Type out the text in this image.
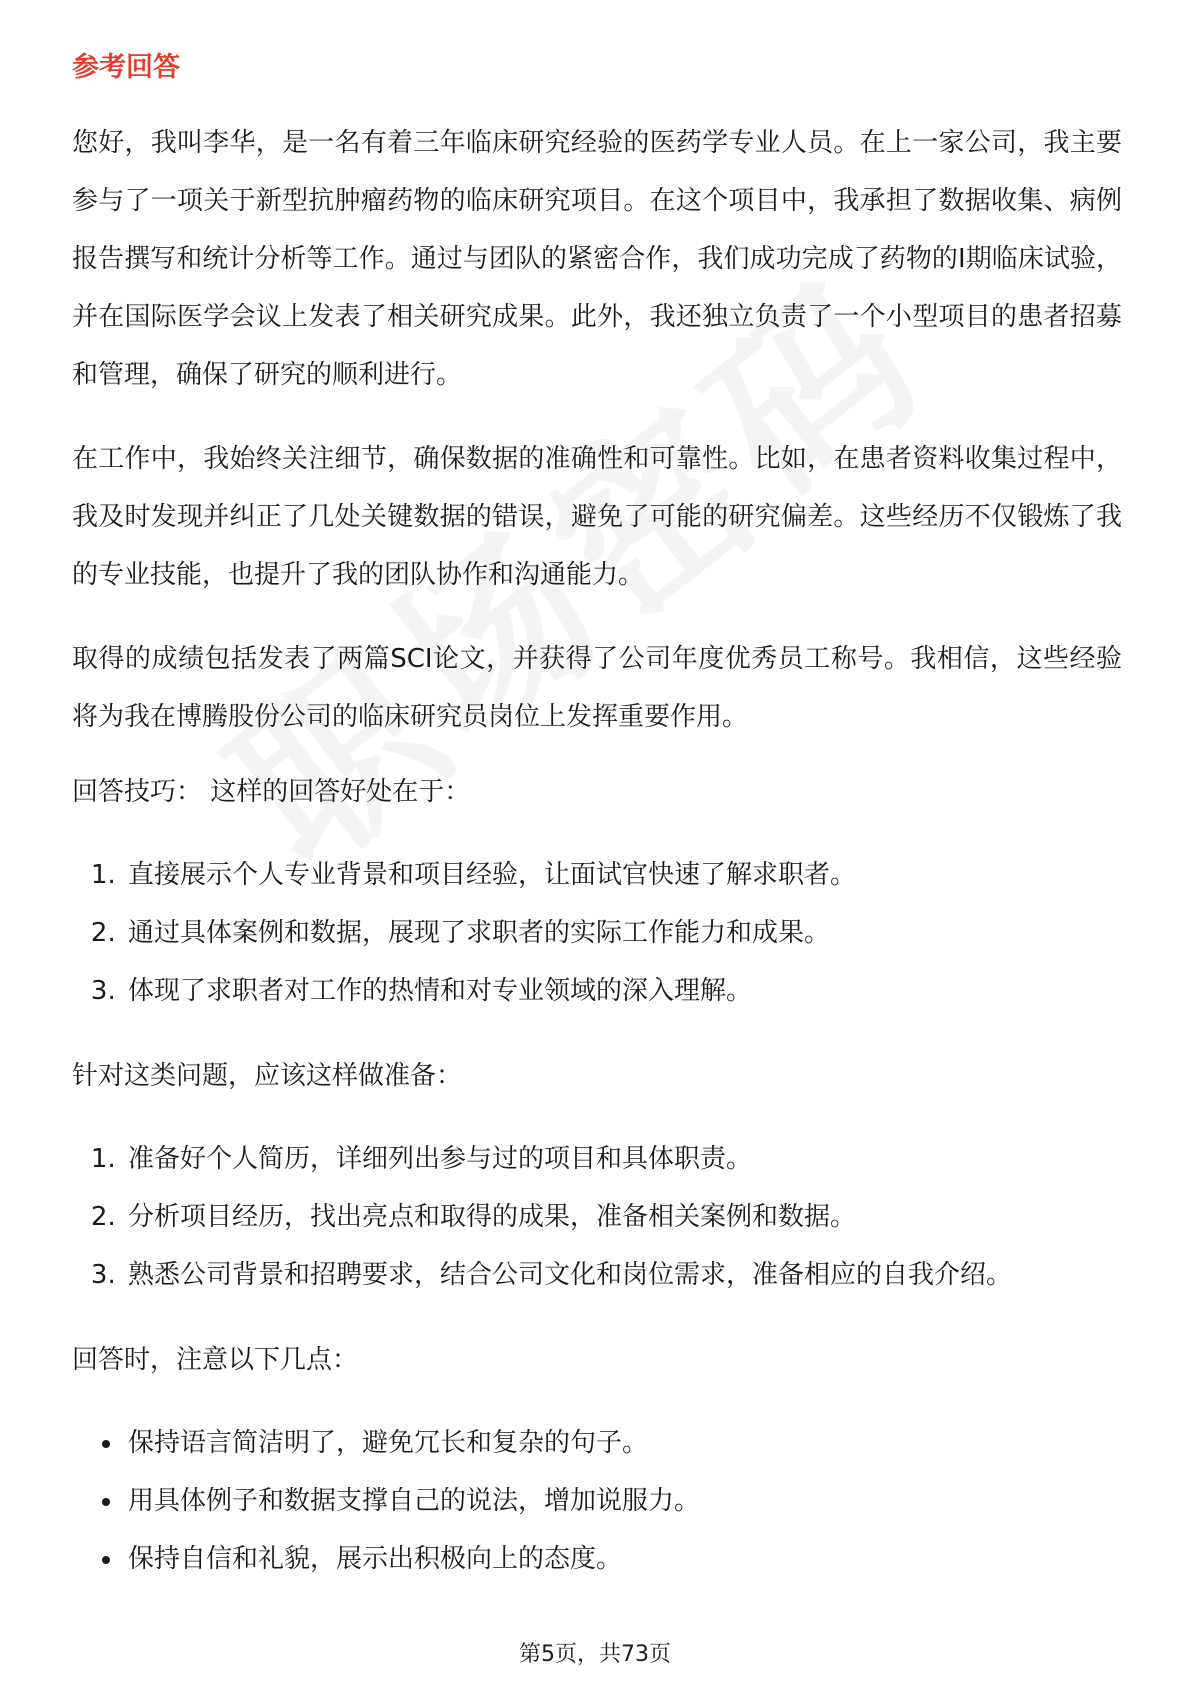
参考回答

您好，我叫李华，是一名有着三年临床研究经验的医药学专业人员。在上一家公司，我主要参与了一项关于新型抗肿瘤药物的临床研究项目。在这个项目中，我承担了数据收集、病例报告撰写和统计分析等工作。通过与团队的紧密合作，我们成功完成了药物的Ⅰ期临床试验，并在国际医学会议上发表了相关研究成果。此外，我还独立负责了一个小型项目的患者招募和管理，确保了研究的顺利进行。

在工作中，我始终关注细节，确保数据的准确性和可靠性。比如，在患者资料收集过程中，我及时发现并纠正了几处关键数据的错误，避免了可能的研究偏差。这些经历不仅锻炼了我的专业技能，也提升了我的团队协作和沟通能力。

取得的成绩包括发表了两篇SCI论文，并获得了公司年度优秀员工称号。我相信，这些经验将为我在博腾股份公司的临床研究员岗位上发挥重要作用。

回答技巧： 这样的回答好处在于：

1. 直接展示个人专业背景和项目经验，让面试官快速了解求职者。
2. 通过具体案例和数据，展现了求职者的实际工作能力和成果。
3. 体现了求职者对工作的热情和对专业领域的深入理解。

针对这类问题，应该这样做准备：

1. 准备好个人简历，详细列出参与过的项目和具体职责。
2. 分析项目经历，找出亮点和取得的成果，准备相关案例和数据。
3. 熟悉公司背景和招聘要求，结合公司文化和岗位需求，准备相应的自我介绍。

回答时，注意以下几点：

• 保持语言简洁明了，避免冗长和复杂的句子。
• 用具体例子和数据支撑自己的说法，增加说服力。
• 保持自信和礼貌，展示出积极向上的态度。
第5页，共73页
